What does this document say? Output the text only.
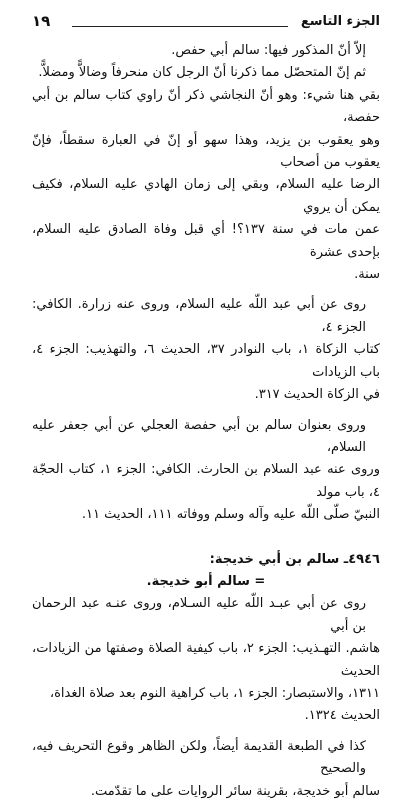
الجزء التاسع
١٩

إلاّ أنّ المذكور فيها: سالم أبي حفص.

ثم إنّ المتحصّل مما ذكرنا أنّ الرجل كان منحرفاً وضالاًّ ومضلاًّ.

بقي هنا شيء: وهو أنّ النجاشي ذكر أنّ راوي كتاب سالم بن أبي حفصة،

وهو يعقوب بن يزيد، وهذا سهو أو إنّ في العبارة سقطاً، فإنّ يعقوب من أصحاب

الرضا عليه السلام، وبقي إلى زمان الهادي عليه السلام، فكيف يمكن أن يروي

عمن مات في سنة ١٣٧؟! أي قبل وفاة الصادق عليه السلام، بإحدى عشرة

سنة.

روى عن أبي عبد اللّه عليه السلام، وروى عنه زرارة. الكافي: الجزء ٤،

كتاب الزكاة ١، باب النوادر ٣٧، الحديث ٦، والتهذيب: الجزء ٤، باب الزيادات

في الزكاة الحديث ٣١٧.

وروى بعنوان سالم بن أبي حفصة العجلي عن أبي جعفر عليه السلام،

وروى عنه عبد السلام بن الحارث. الكافي: الجزء ١، كتاب الحجّة ٤، باب مولد

النبيّ صلّى اللّه عليه وآله وسلم ووفاته ١١١، الحديث ١١.

٤٩٤٦ـ سالم بن أبي خديجة:

= سالم أبو خديجة.

روى عن أبي عبـد اللّه عليه السـلام، وروى عنـه عبد الرحمان بن أبي

هاشم. التهـذيب: الجزء ٢، باب كيفية الصلاة وصفتها من الزيادات، الحديث

١٣١١، والاستبصار: الجزء ١، باب كراهية النوم بعد صلاة الغداة،

الحديث ١٣٢٤.

كذا في الطبعة القديمة أيضاً، ولكن الظاهر وقوع التحريف فيه، والصحيح

سالم أبو خديجة، بقرينة سائر الروايات على ما تقدّمت.
